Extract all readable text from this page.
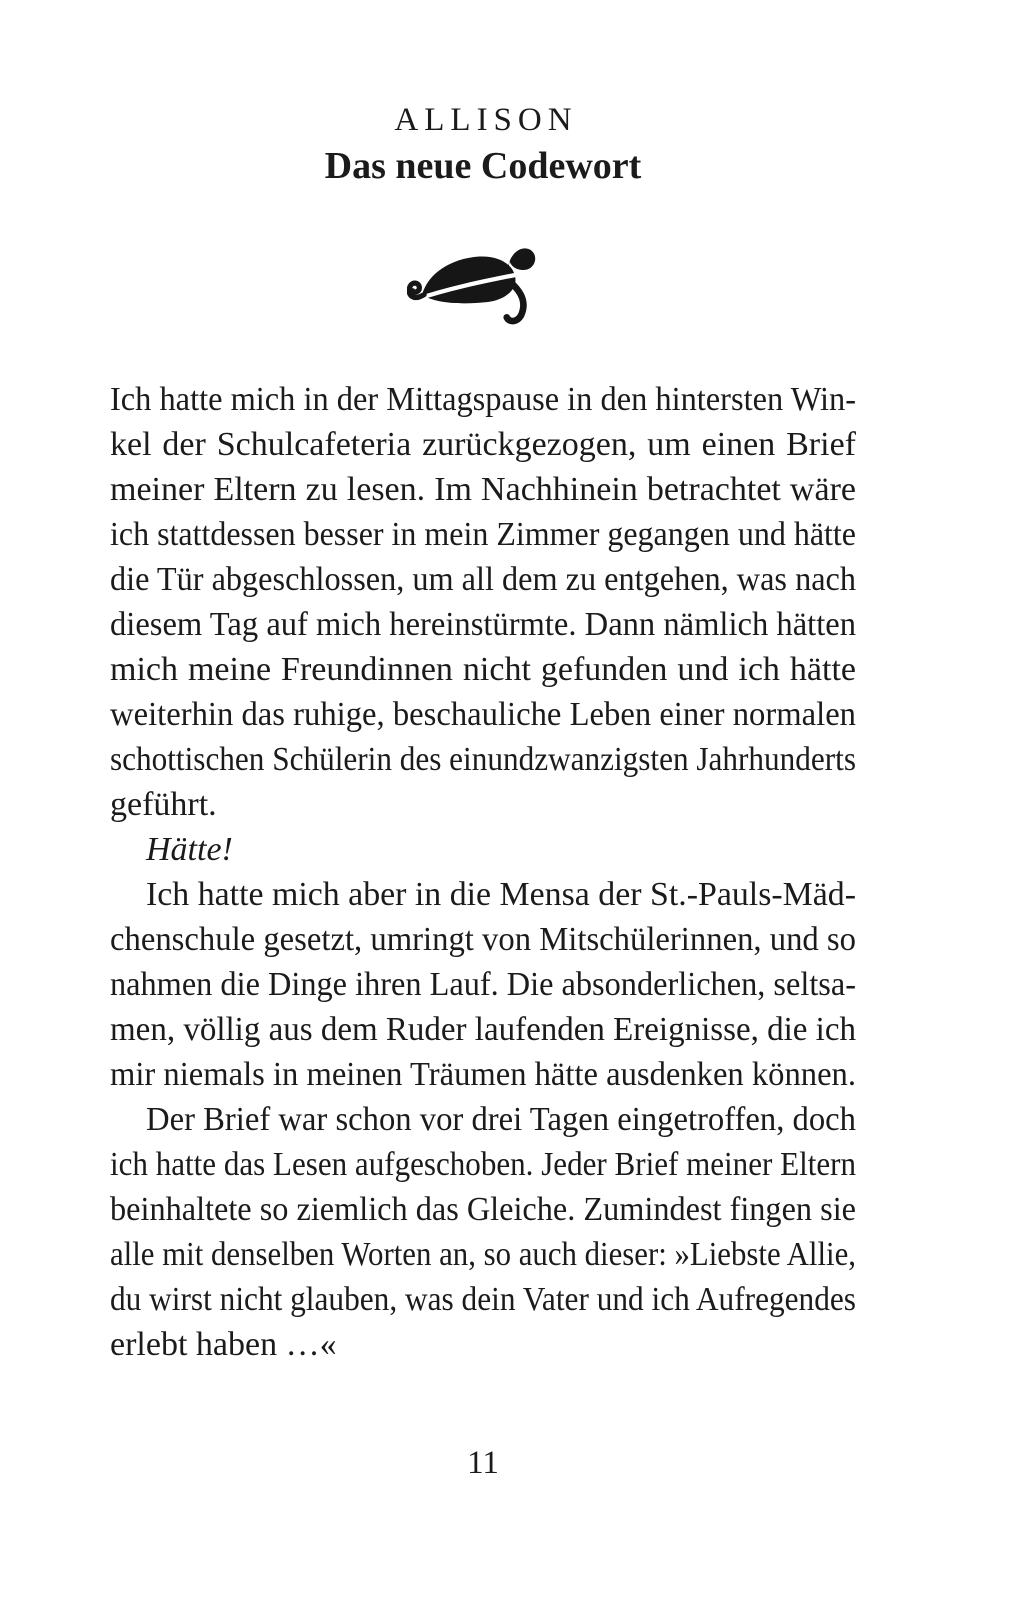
ALLISON
Das neue Codewort
Ich hatte mich in der Mittagspause in den hintersten Win-
kel der Schulcafeteria zurückgezogen, um einen Brief
meiner Eltern zu lesen. Im Nachhinein betrachtet wäre
ich stattdessen besser in mein Zimmer gegangen und hätte
die Tür abgeschlossen, um all dem zu entgehen, was nach
diesem Tag auf mich hereinstürmte. Dann nämlich hätten
mich meine Freundinnen nicht gefunden und ich hätte
weiterhin das ruhige, beschauliche Leben einer normalen
schottischen Schülerin des einundzwanzigsten Jahrhunderts
geführt.
Hätte!
Ich hatte mich aber in die Mensa der St.-Pauls-Mäd-
chenschule gesetzt, umringt von Mitschülerinnen, und so
nahmen die Dinge ihren Lauf. Die absonderlichen, seltsa-
men, völlig aus dem Ruder laufenden Ereignisse, die ich
mir niemals in meinen Träumen hätte ausdenken können.
Der Brief war schon vor drei Tagen eingetroffen, doch
ich hatte das Lesen aufgeschoben. Jeder Brief meiner Eltern
beinhaltete so ziemlich das Gleiche. Zumindest fingen sie
alle mit denselben Worten an, so auch dieser: »Liebste Allie,
du wirst nicht glauben, was dein Vater und ich Aufregendes
erlebt haben …«
11
